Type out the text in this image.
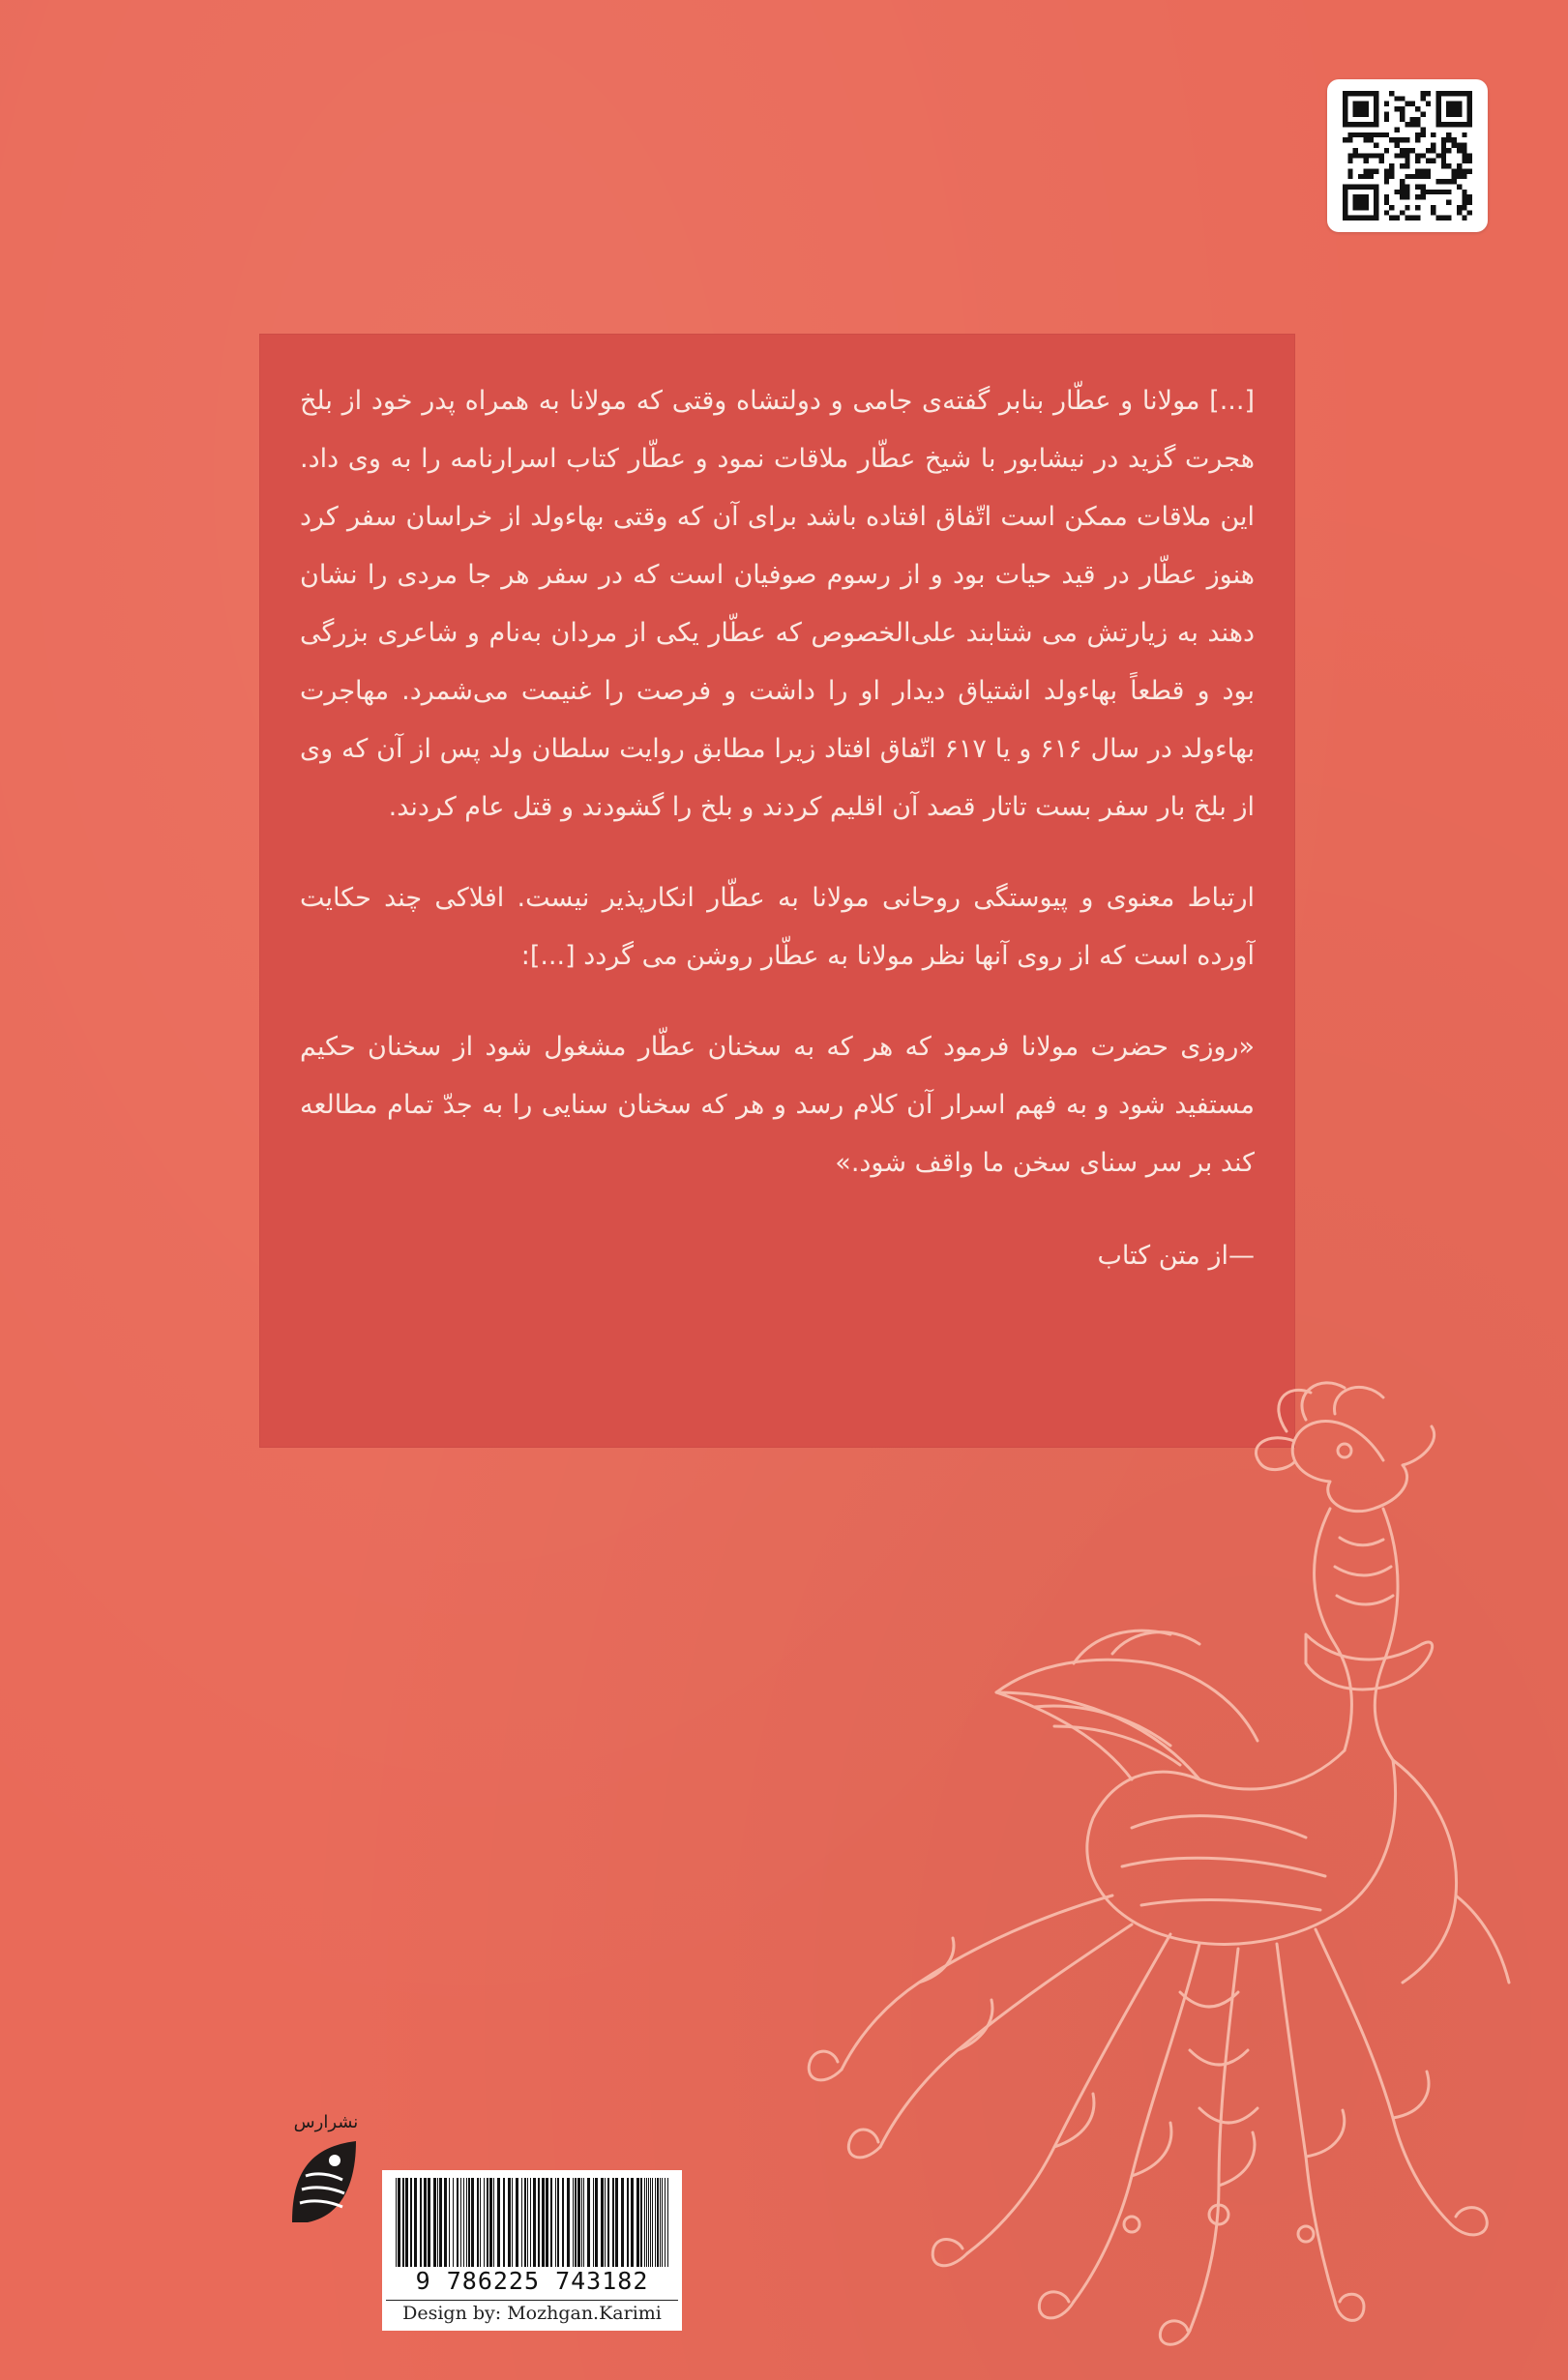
[...] مولانا و عطّار بنابر گفته‌ی جامی و دولتشاه وقتی که مولانا به همراه پدر خود از بلخ هجرت گزید در نیشابور با شیخ عطّار ملاقات نمود و عطّار کتاب اسرارنامه را به وی داد. این ملاقات ممکن است اتّفاق افتاده باشد برای آن که وقتی بهاءولد از خراسان سفر کرد هنوز عطّار در قید حیات بود و از رسوم صوفیان است که در سفر هر جا مردی را نشان دهند به زیارتش می شتابند علی‌الخصوص که عطّار یکی از مردان به‌نام و شاعری بزرگی بود و قطعاً بهاءولد اشتیاق دیدار او را داشت و فرصت را غنیمت می‌شمرد. مهاجرت بهاءولد در سال ۶۱۶ و یا ۶۱۷ اتّفاق افتاد زیرا مطابق روایت سلطان ولد پس از آن که وی از بلخ بار سفر بست تاتار قصد آن اقلیم کردند و بلخ را گشودند و قتل عام کردند.

ارتباط معنوی و پیوستگی روحانی مولانا به عطّار انکارپذیر نیست. افلاکی چند حکایت آورده است که از روی آنها نظر مولانا به عطّار روشن می گردد [...]:

«روزی حضرت مولانا فرمود که هر که به سخنان عطّار مشغول شود از سخنان حکیم مستفید شود و به فهم اسرار آن کلام رسد و هر که سخنان سنایی را به جدّ تمام مطالعه کند بر سر سنای سخن ما واقف شود.»

—از متن کتاب

نشرارس
9 786225 743182
Design by: Mozhgan.Karimi
